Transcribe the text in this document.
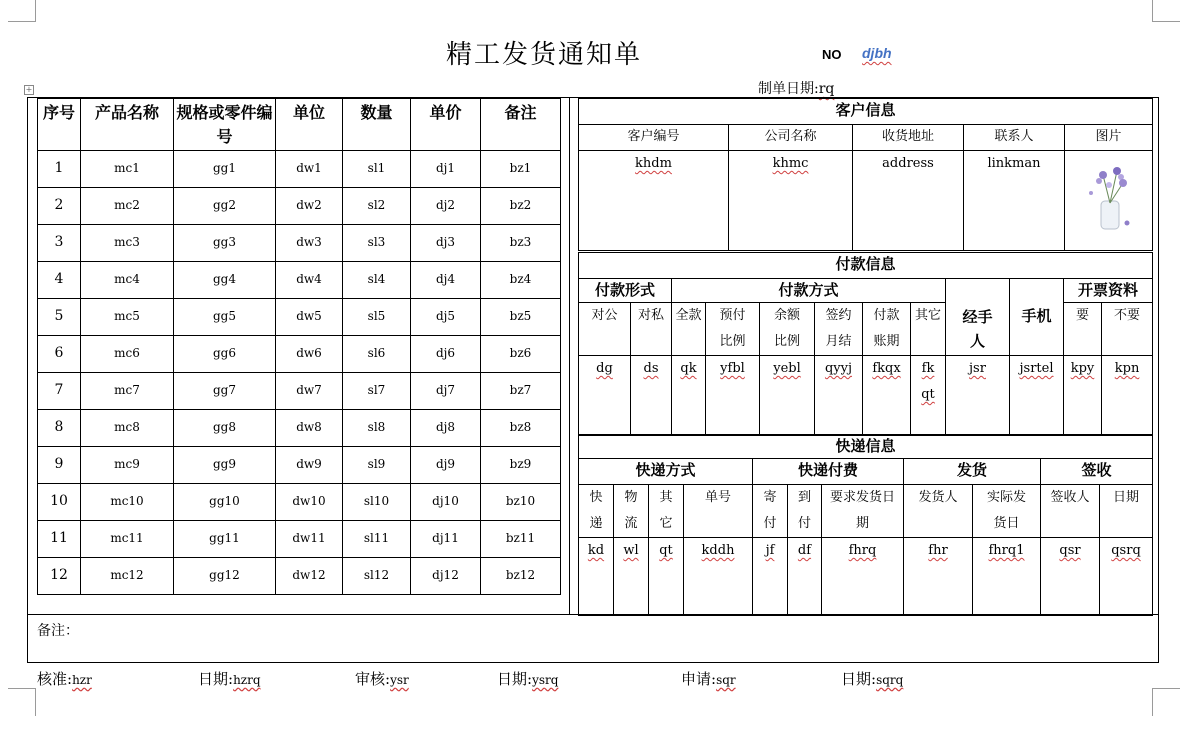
精工发货通知单	NO djbh
制单日期:rq
+
序号	产品名称	规格或零件编号	单位	数量	单价	备注
1	mc1	gg1	dw1	sl1	dj1	bz1
2	mc2	gg2	dw2	sl2	dj2	bz2
3	mc3	gg3	dw3	sl3	dj3	bz3
4	mc4	gg4	dw4	sl4	dj4	bz4
5	mc5	gg5	dw5	sl5	dj5	bz5
6	mc6	gg6	dw6	sl6	dj6	bz6
7	mc7	gg7	dw7	sl7	dj7	bz7
8	mc8	gg8	dw8	sl8	dj8	bz8
9	mc9	gg9	dw9	sl9	dj9	bz9
10	mc10	gg10	dw10	sl10	dj10	bz10
11	mc11	gg11	dw11	sl11	dj11	bz11
12	mc12	gg12	dw12	sl12	dj12	bz12
客户信息				
客户编号	公司名称	收货地址	联系人	图片
khdm	khmc	address	linkman	
付款信息											
付款形式		付款方式						经手人	手机	开票资料	
对公	对私	全款	预付比例	余额比例	签约月结	付款账期	其它			要	不要
dg	ds	qk	yfbl	yebl	qyyj	fkqx	fkqt	jsr	jsrtel	kpy	kpn
快递信息										
快递方式				快递付费			发货		签收	
快递	物流	其它	单号	寄付	到付	要求发货日期	发货人	实际发货日	签收人	日期
kd	wl	qt	kddh	jf	df	fhrq	fhr	fhrq1	qsr	qsrq
备注：
核准:hzr	日期:hzrq	审核:ysr	日期:ysrq	申请:sqr	日期:sqrq
